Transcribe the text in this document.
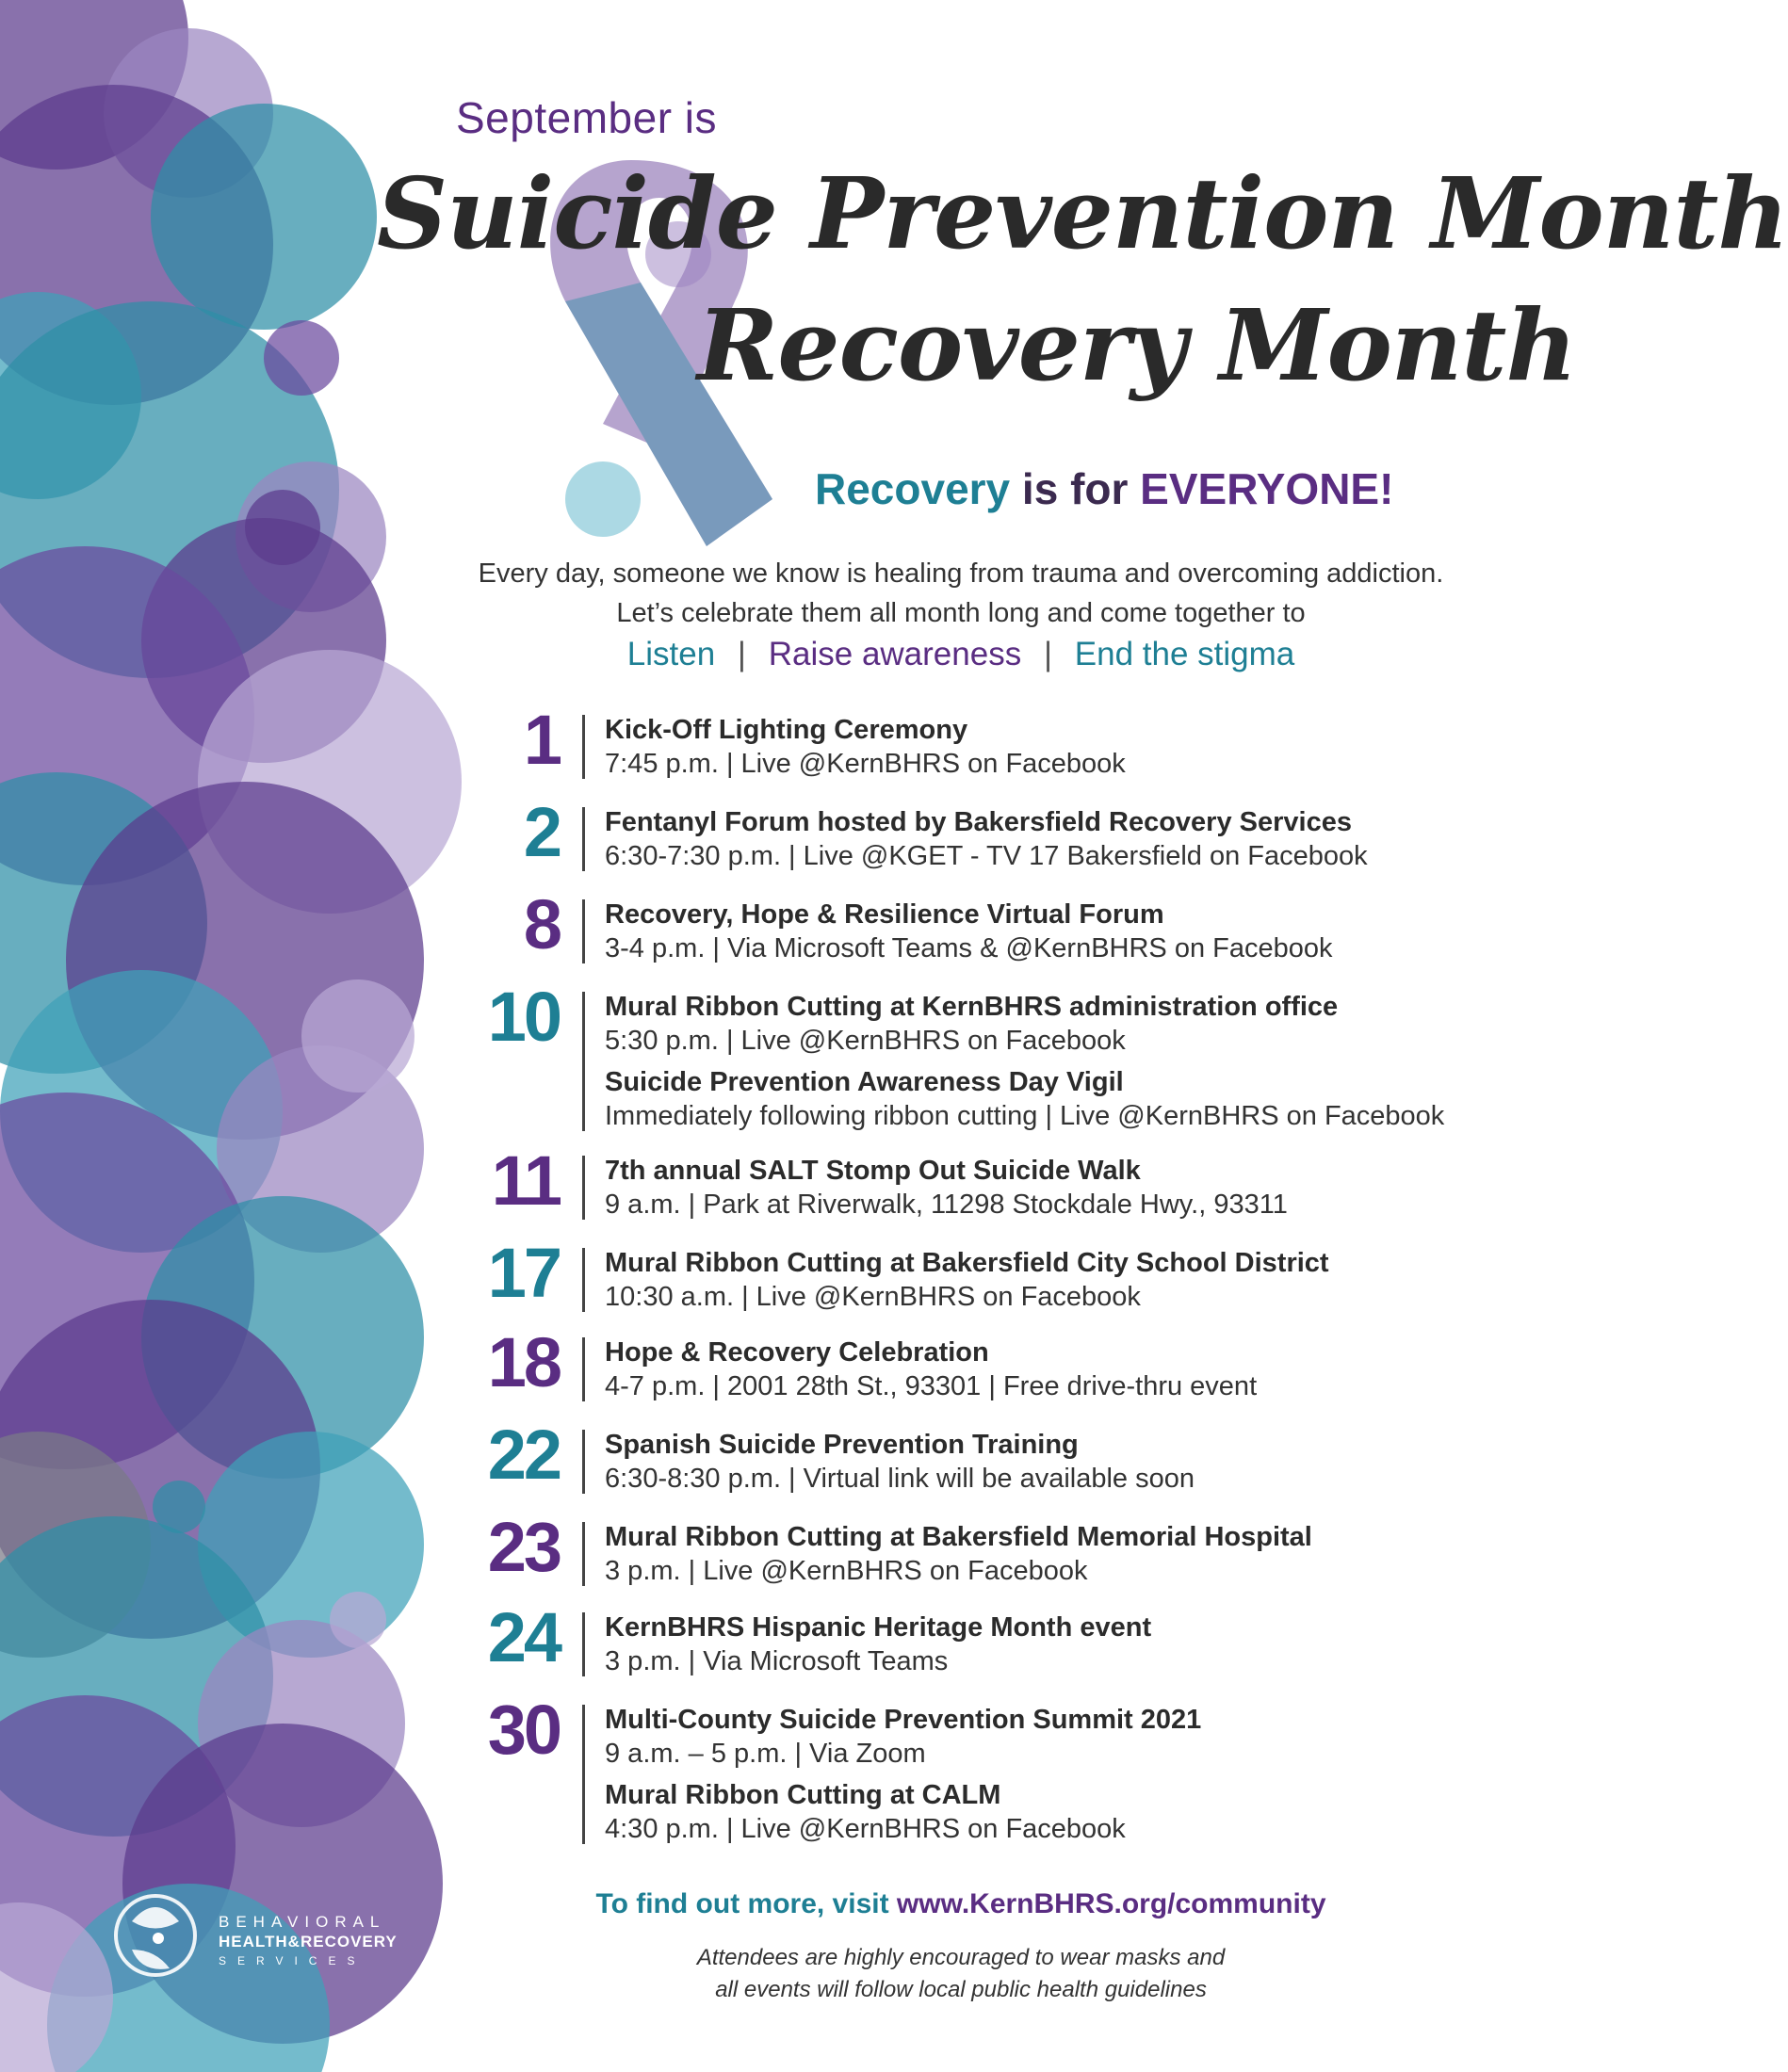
September is
Suicide Prevention Month
Recovery Month
Recovery is for EVERYONE!
Every day, someone we know is healing from trauma and overcoming addiction.
Let’s celebrate them all month long and come together to
Listen | Raise awareness | End the stigma
1 Kick-Off Lighting Ceremony
7:45 p.m. | Live @KernBHRS on Facebook
2 Fentanyl Forum hosted by Bakersfield Recovery Services
6:30-7:30 p.m. | Live @KGET - TV 17 Bakersfield on Facebook
8 Recovery, Hope & Resilience Virtual Forum
3-4 p.m. | Via Microsoft Teams & @KernBHRS on Facebook
10 Mural Ribbon Cutting at KernBHRS administration office
5:30 p.m. | Live @KernBHRS on Facebook
Suicide Prevention Awareness Day Vigil
Immediately following ribbon cutting | Live @KernBHRS on Facebook
11 7th annual SALT Stomp Out Suicide Walk
9 a.m. | Park at Riverwalk, 11298 Stockdale Hwy., 93311
17 Mural Ribbon Cutting at Bakersfield City School District
10:30 a.m. | Live @KernBHRS on Facebook
18 Hope & Recovery Celebration
4-7 p.m. | 2001 28th St., 93301 | Free drive-thru event
22 Spanish Suicide Prevention Training
6:30-8:30 p.m. | Virtual link will be available soon
23 Mural Ribbon Cutting at Bakersfield Memorial Hospital
3 p.m. | Live @KernBHRS on Facebook
24 KernBHRS Hispanic Heritage Month event
3 p.m. | Via Microsoft Teams
30 Multi-County Suicide Prevention Summit 2021
9 a.m. – 5 p.m. | Via Zoom
Mural Ribbon Cutting at CALM
4:30 p.m. | Live @KernBHRS on Facebook
To find out more, visit www.KernBHRS.org/community
Attendees are highly encouraged to wear masks and
all events will follow local public health guidelines
BEHAVIORAL
HEALTH&RECOVERY
SERVICES
